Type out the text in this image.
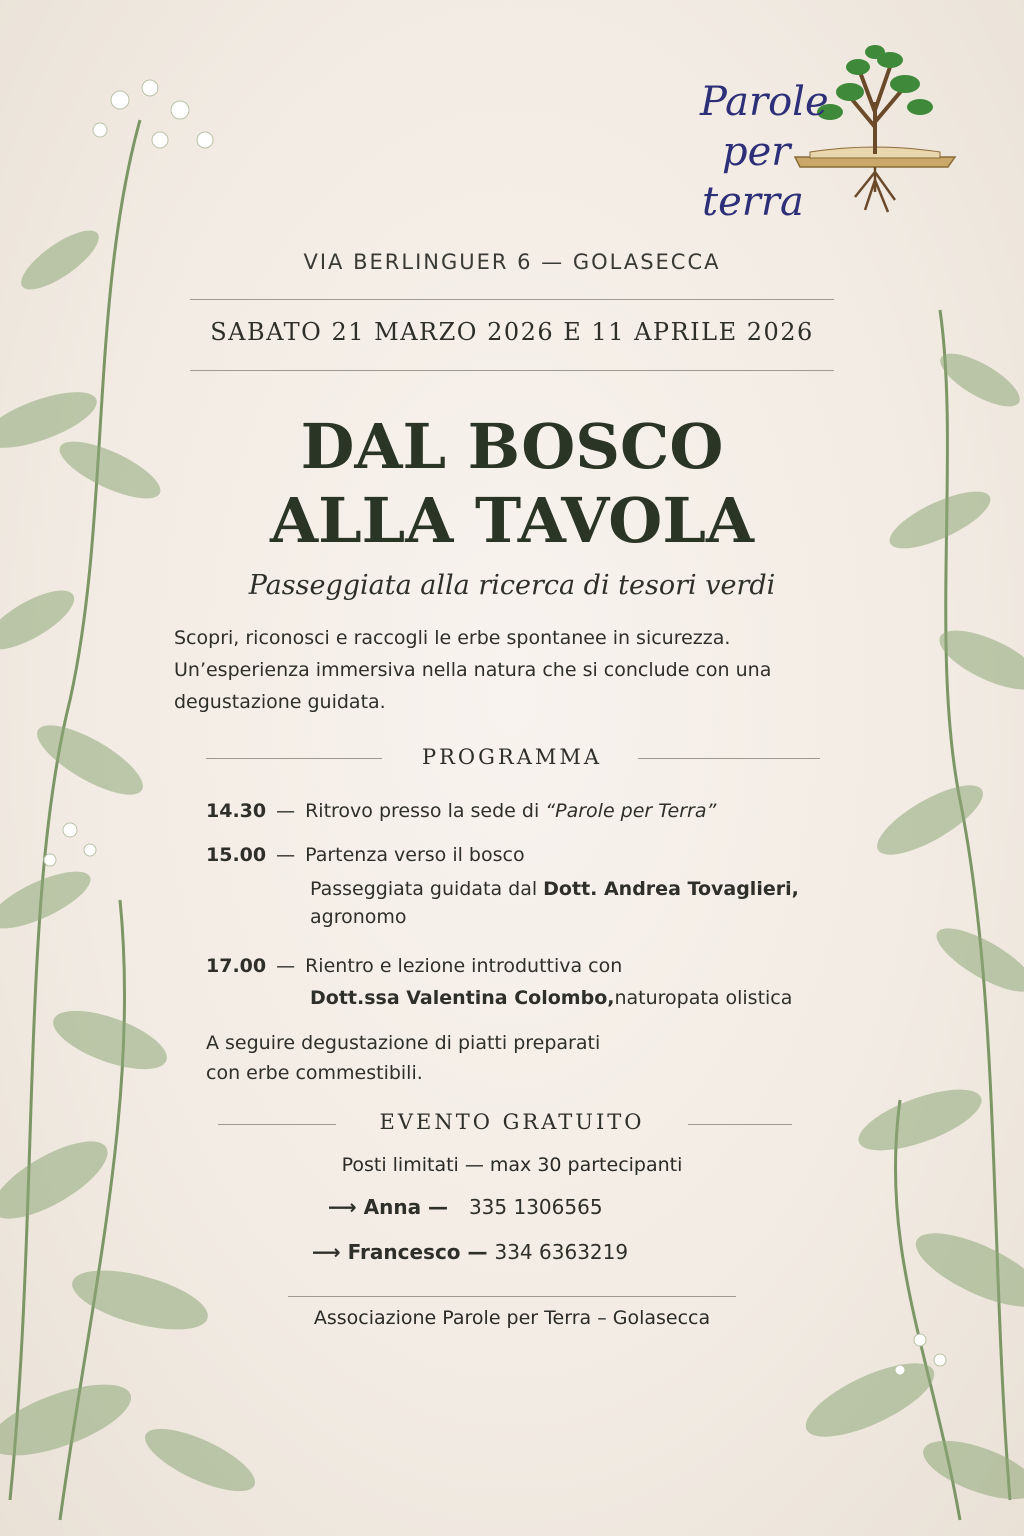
Parole
per
terra
VIA BERLINGUER 6 — GOLASECCA
SABATO 21 MARZO 2026 E 11 APRILE 2026
DAL BOSCO
ALLA TAVOLA
Passeggiata alla ricerca di tesori verdi
Scopri, riconosci e raccogli le erbe spontanee in sicurezza.
Un’esperienza immersiva nella natura che si conclude con una
degustazione guidata.
PROGRAMMA
14.30 — Ritrovo presso la sede di “Parole per Terra”
15.00 — Partenza verso il bosco
Passeggiata guidata dal Dott. Andrea Tovaglieri,
agronomo
17.00 — Rientro e lezione introduttiva con
Dott.ssa Valentina Colombo,naturopata olistica
A seguire degustazione di piatti preparati
con erbe commestibili.
EVENTO GRATUITO
Posti limitati — max 30 partecipanti
⟶ Anna — 335 1306565
⟶ Francesco — 334 6363219
Associazione Parole per Terra – Golasecca
